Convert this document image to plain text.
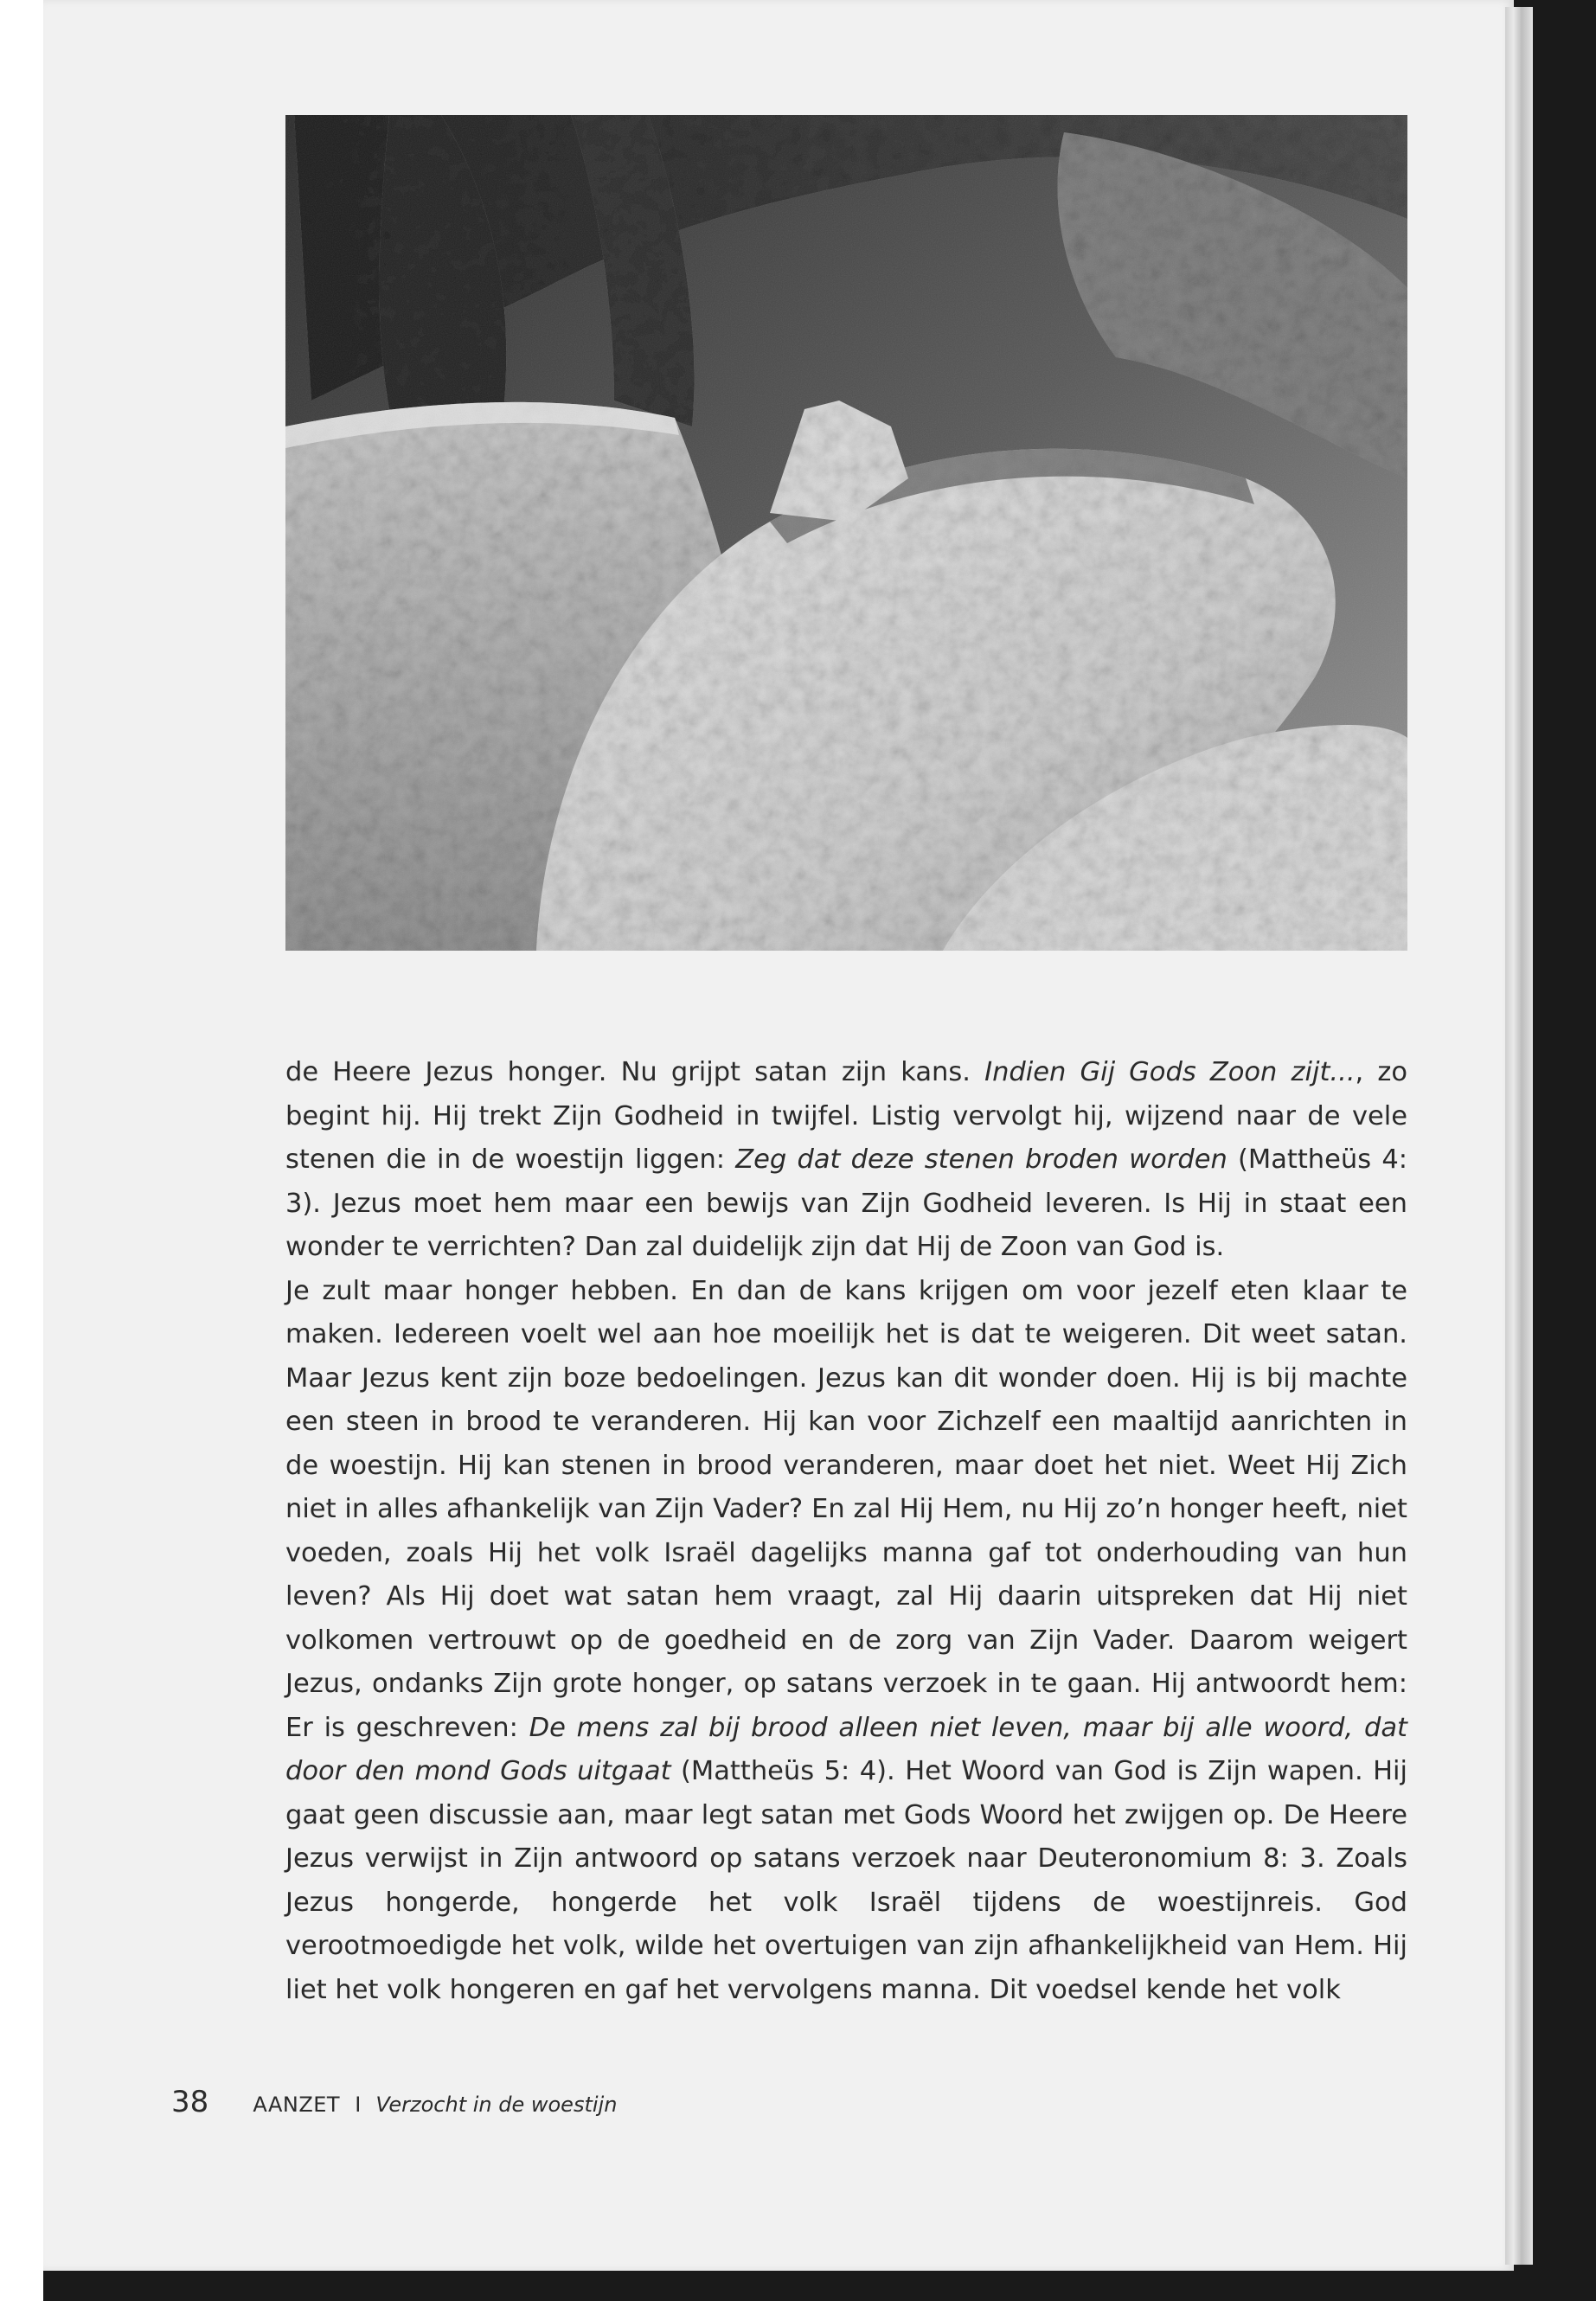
de Heere Jezus honger. Nu grijpt satan zijn kans. Indien Gij Gods Zoon zijt..., zo begint hij. Hij trekt Zijn Godheid in twijfel. Listig vervolgt hij, wijzend naar de vele stenen die in de woestijn liggen: Zeg dat deze stenen broden worden (Mattheüs 4: 3). Jezus moet hem maar een bewijs van Zijn Godheid leveren. Is Hij in staat een wonder te verrichten? Dan zal duidelijk zijn dat Hij de Zoon van God is.

Je zult maar honger hebben. En dan de kans krijgen om voor jezelf eten klaar te maken. Iedereen voelt wel aan hoe moeilijk het is dat te weigeren. Dit weet satan. Maar Jezus kent zijn boze bedoelingen. Jezus kan dit wonder doen. Hij is bij machte een steen in brood te veranderen. Hij kan voor Zichzelf een maaltijd aanrichten in de woestijn. Hij kan stenen in brood veranderen, maar doet het niet. Weet Hij Zich niet in alles afhankelijk van Zijn Vader? En zal Hij Hem, nu Hij zo’n honger heeft, niet voeden, zoals Hij het volk Israël dagelijks manna gaf tot onderhouding van hun leven? Als Hij doet wat satan hem vraagt, zal Hij daarin uitspreken dat Hij niet volkomen vertrouwt op de goedheid en de zorg van Zijn Vader. Daarom weigert Jezus, ondanks Zijn grote honger, op satans verzoek in te gaan. Hij antwoordt hem: Er is geschreven: De mens zal bij brood alleen niet leven, maar bij alle woord, dat door den mond Gods uitgaat (Mattheüs 5: 4). Het Woord van God is Zijn wapen. Hij gaat geen discussie aan, maar legt satan met Gods Woord het zwijgen op. De Heere Jezus verwijst in Zijn antwoord op satans verzoek naar Deuteronomium 8: 3. Zoals Jezus hongerde, hongerde het volk Israël tijdens de woestijnreis. God verootmoedigde het volk, wilde het overtuigen van zijn afhankelijkheid van Hem. Hij liet het volk hongeren en gaf het vervolgens manna. Dit voedsel kende het volk

38 AANZET I Verzocht in de woestijn
